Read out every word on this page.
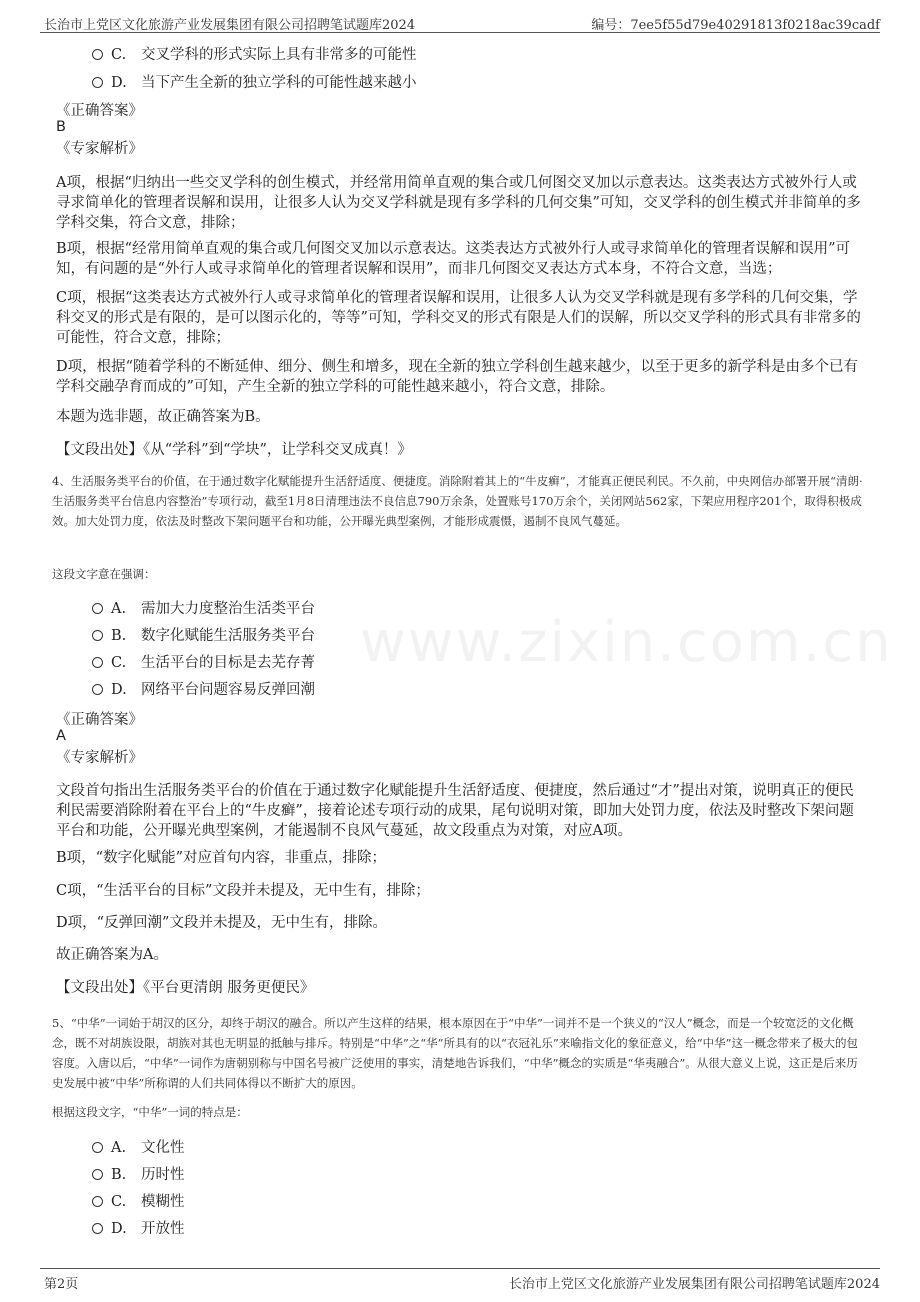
长治市上党区文化旅游产业发展集团有限公司招聘笔试题库2024	编号：7ee5f55d79e40291813f0218ac39cadf
www.zixin.com.cn
C. 交叉学科的形式实际上具有非常多的可能性
D. 当下产生全新的独立学科的可能性越来越小
《正确答案》
B
《专家解析》
A项，根据“归纳出一些交叉学科的创生模式，并经常用简单直观的集合或几何图交叉加以示意表达。这类表达方式被外行人或寻求简单化的管理者误解和误用，让很多人认为交叉学科就是现有多学科的几何交集”可知，交叉学科的创生模式并非简单的多学科交集，符合文意，排除；
B项，根据“经常用简单直观的集合或几何图交叉加以示意表达。这类表达方式被外行人或寻求简单化的管理者误解和误用”可知，有问题的是“外行人或寻求简单化的管理者误解和误用”，而非几何图交叉表达方式本身，不符合文意，当选；
C项，根据“这类表达方式被外行人或寻求简单化的管理者误解和误用，让很多人认为交叉学科就是现有多学科的几何交集，学科交叉的形式是有限的，是可以图示化的，等等”可知，学科交叉的形式有限是人们的误解，所以交叉学科的形式具有非常多的可能性，符合文意，排除；
D项，根据“随着学科的不断延伸、细分、侧生和增多，现在全新的独立学科创生越来越少，以至于更多的新学科是由多个已有学科交融孕育而成的”可知，产生全新的独立学科的可能性越来越小，符合文意，排除。
本题为选非题，故正确答案为B。
【文段出处】《从“学科”到“学块”，让学科交叉成真！》
4、生活服务类平台的价值，在于通过数字化赋能提升生活舒适度、便捷度。消除附着其上的“牛皮癣”，才能真正便民利民。不久前，中央网信办部署开展“清朗·生活服务类平台信息内容整治”专项行动，截至1月8日清理违法不良信息790万余条，处置账号170万余个，关闭网站562家，下架应用程序201个，取得积极成效。加大处罚力度，依法及时整改下架问题平台和功能，公开曝光典型案例，才能形成震慑，遏制不良风气蔓延。
这段文字意在强调：
A. 需加大力度整治生活类平台
B. 数字化赋能生活服务类平台
C. 生活平台的目标是去芜存菁
D. 网络平台问题容易反弹回潮
《正确答案》
A
《专家解析》
文段首句指出生活服务类平台的价值在于通过数字化赋能提升生活舒适度、便捷度，然后通过“才”提出对策，说明真正的便民利民需要消除附着在平台上的“牛皮癣”，接着论述专项行动的成果，尾句说明对策，即加大处罚力度，依法及时整改下架问题平台和功能，公开曝光典型案例，才能遏制不良风气蔓延，故文段重点为对策，对应A项。
B项，“数字化赋能”对应首句内容，非重点，排除；
C项，“生活平台的目标”文段并未提及，无中生有，排除；
D项，“反弹回潮”文段并未提及，无中生有，排除。
故正确答案为A。
【文段出处】《平台更清朗 服务更便民》
5、“中华”一词始于胡汉的区分，却终于胡汉的融合。所以产生这样的结果，根本原因在于“中华”一词并不是一个狭义的“汉人”概念，而是一个较宽泛的文化概念，既不对胡族设限，胡族对其也无明显的抵触与排斥。特别是“中华”之“华”所具有的以“衣冠礼乐”来喻指文化的象征意义，给“中华”这一概念带来了极大的包容度。入唐以后，“中华”一词作为唐朝别称与中国名号被广泛使用的事实，清楚地告诉我们，“中华”概念的实质是“华夷融合”。从很大意义上说，这正是后来历史发展中被“中华”所称谓的人们共同体得以不断扩大的原因。
根据这段文字，“中华”一词的特点是：
A. 文化性
B. 历时性
C. 模糊性
D. 开放性
第2页	长治市上党区文化旅游产业发展集团有限公司招聘笔试题库2024
